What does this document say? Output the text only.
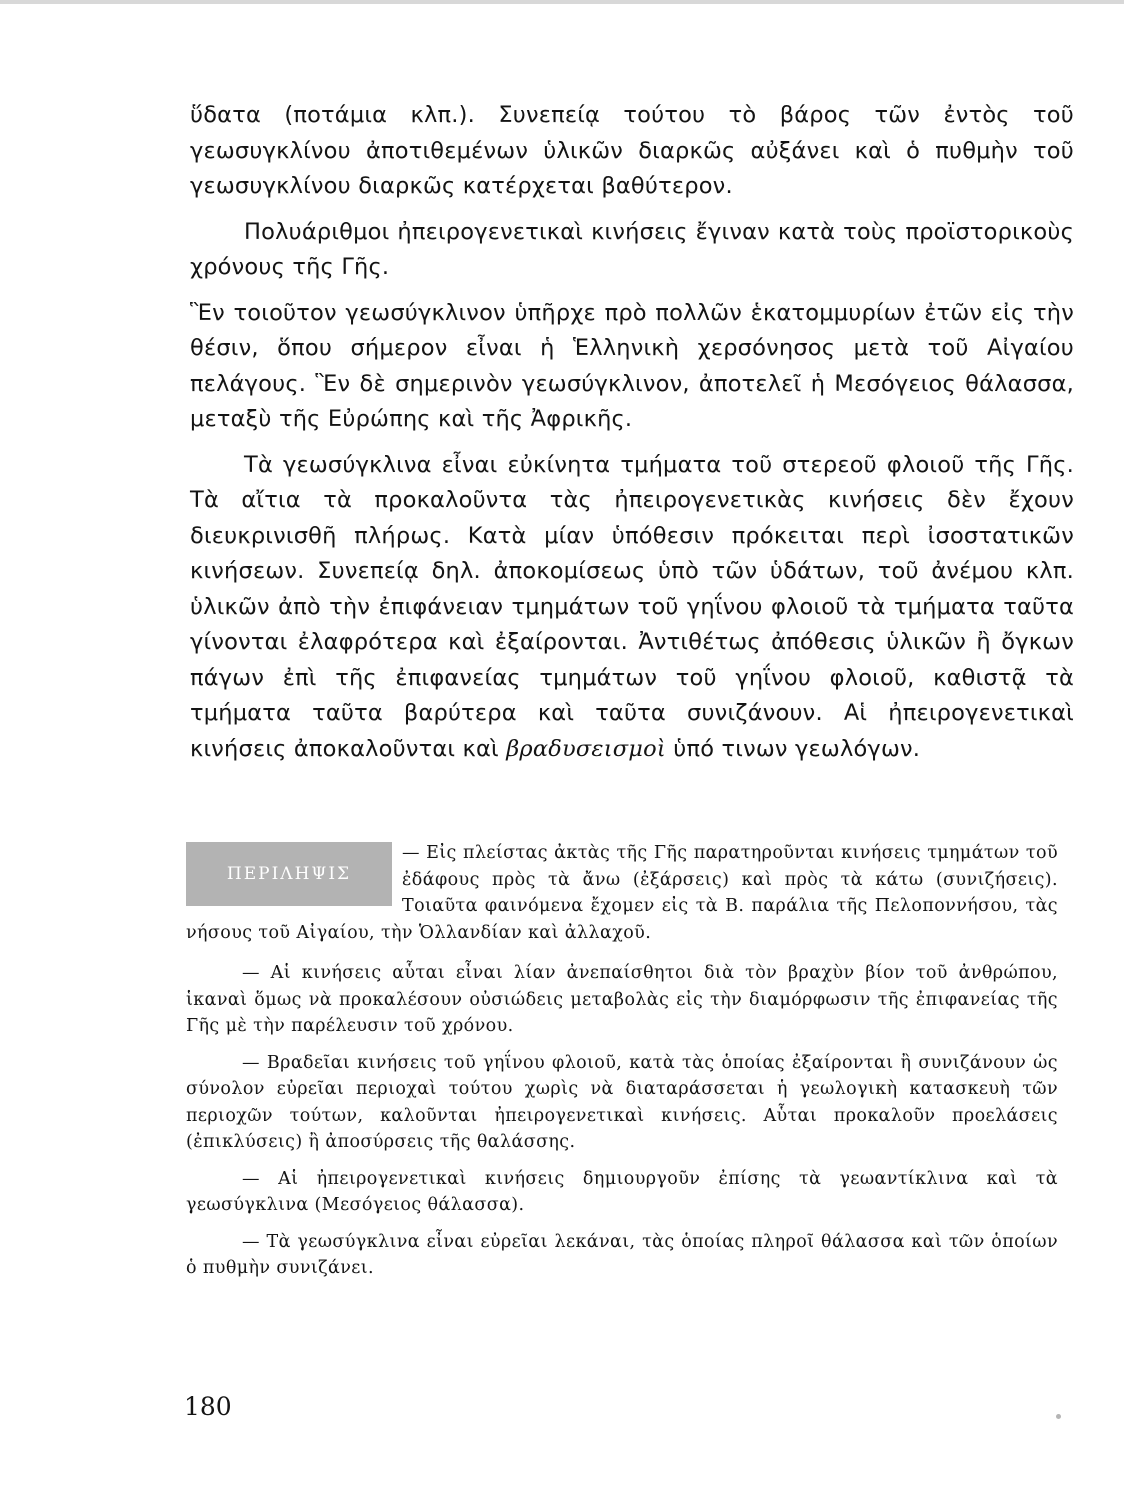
ὕδατα (ποτάμια κλπ.). Συνεπείᾳ τούτου τὸ βάρος τῶν ἐντὸς τοῦ γεωσυγκλίνου ἀποτιθεμένων ὑλικῶν διαρκῶς αὐξάνει καὶ ὁ πυθμὴν τοῦ γεωσυγκλίνου διαρκῶς κατέρχεται βαθύτερον.

Πολυάριθμοι ἠπειρογενετικαὶ κινήσεις ἔγιναν κατὰ τοὺς προϊστορικοὺς χρόνους τῆς Γῆς.

Ἓν τοιοῦτον γεωσύγκλινον ὑπῆρχε πρὸ πολλῶν ἑκατομμυρίων ἐτῶν εἰς τὴν θέσιν, ὅπου σήμερον εἶναι ἡ Ἑλληνικὴ χερσόνησος μετὰ τοῦ Αἰγαίου πελάγους. Ἓν δὲ σημερινὸν γεωσύγκλινον, ἀποτελεῖ ἡ Μεσόγειος θάλασσα, μεταξὺ τῆς Εὐρώπης καὶ τῆς Ἀφρικῆς.

Τὰ γεωσύγκλινα εἶναι εὐκίνητα τμήματα τοῦ στερεοῦ φλοιοῦ τῆς Γῆς. Τὰ αἴτια τὰ προκαλοῦντα τὰς ἠπειρογενετικὰς κινήσεις δὲν ἔχουν διευκρινισθῆ πλήρως. Κατὰ μίαν ὑπόθεσιν πρόκειται περὶ ἰσοστατικῶν κινήσεων. Συνεπείᾳ δηλ. ἀποκομίσεως ὑπὸ τῶν ὑδάτων, τοῦ ἀνέμου κλπ. ὑλικῶν ἀπὸ τὴν ἐπιφάνειαν τμημάτων τοῦ γηΐνου φλοιοῦ τὰ τμήματα ταῦτα γίνονται ἐλαφρότερα καὶ ἐξαίρονται. Ἀντιθέτως ἀπόθεσις ὑλικῶν ἢ ὄγκων πάγων ἐπὶ τῆς ἐπιφανείας τμημάτων τοῦ γηΐνου φλοιοῦ, καθιστᾷ τὰ τμήματα ταῦτα βαρύτερα καὶ ταῦτα συνιζάνουν. Αἱ ἠπειρογενετικαὶ κινήσεις ἀποκαλοῦνται καὶ βραδυσεισμοὶ ὑπό τινων γεωλόγων.

ΠΕΡΙΛΗΨΙΣ

— Εἰς πλείστας ἀκτὰς τῆς Γῆς παρατηροῦνται κινήσεις τμημάτων τοῦ ἐδάφους πρὸς τὰ ἄνω (ἐξάρσεις) καὶ πρὸς τὰ κάτω (συνιζήσεις). Τοιαῦτα φαινόμενα ἔχομεν εἰς τὰ Β. παράλια τῆς Πελοποννήσου, τὰς νήσους τοῦ Αἰγαίου, τὴν Ὁλλανδίαν καὶ ἀλλαχοῦ.

— Αἱ κινήσεις αὗται εἶναι λίαν ἀνεπαίσθητοι διὰ τὸν βραχὺν βίον τοῦ ἀνθρώπου, ἱκαναὶ ὅμως νὰ προκαλέσουν οὐσιώδεις μεταβολὰς εἰς τὴν διαμόρφωσιν τῆς ἐπιφανείας τῆς Γῆς μὲ τὴν παρέλευσιν τοῦ χρόνου.

— Βραδεῖαι κινήσεις τοῦ γηΐνου φλοιοῦ, κατὰ τὰς ὁποίας ἐξαίρονται ἢ συνιζάνουν ὡς σύνολον εὐρεῖαι περιοχαὶ τούτου χωρὶς νὰ διαταράσσεται ἡ γεωλογικὴ κατασκευὴ τῶν περιοχῶν τούτων, καλοῦνται ἠπειρογενετικαὶ κινήσεις. Αὗται προκαλοῦν προελάσεις (ἐπικλύσεις) ἢ ἀποσύρσεις τῆς θαλάσσης.

— Αἱ ἠπειρογενετικαὶ κινήσεις δημιουργοῦν ἐπίσης τὰ γεωαντίκλινα καὶ τὰ γεωσύγκλινα (Μεσόγειος θάλασσα).

— Τὰ γεωσύγκλινα εἶναι εὐρεῖαι λεκάναι, τὰς ὁποίας πληροῖ θάλασσα καὶ τῶν ὁποίων ὁ πυθμὴν συνιζάνει.

180
